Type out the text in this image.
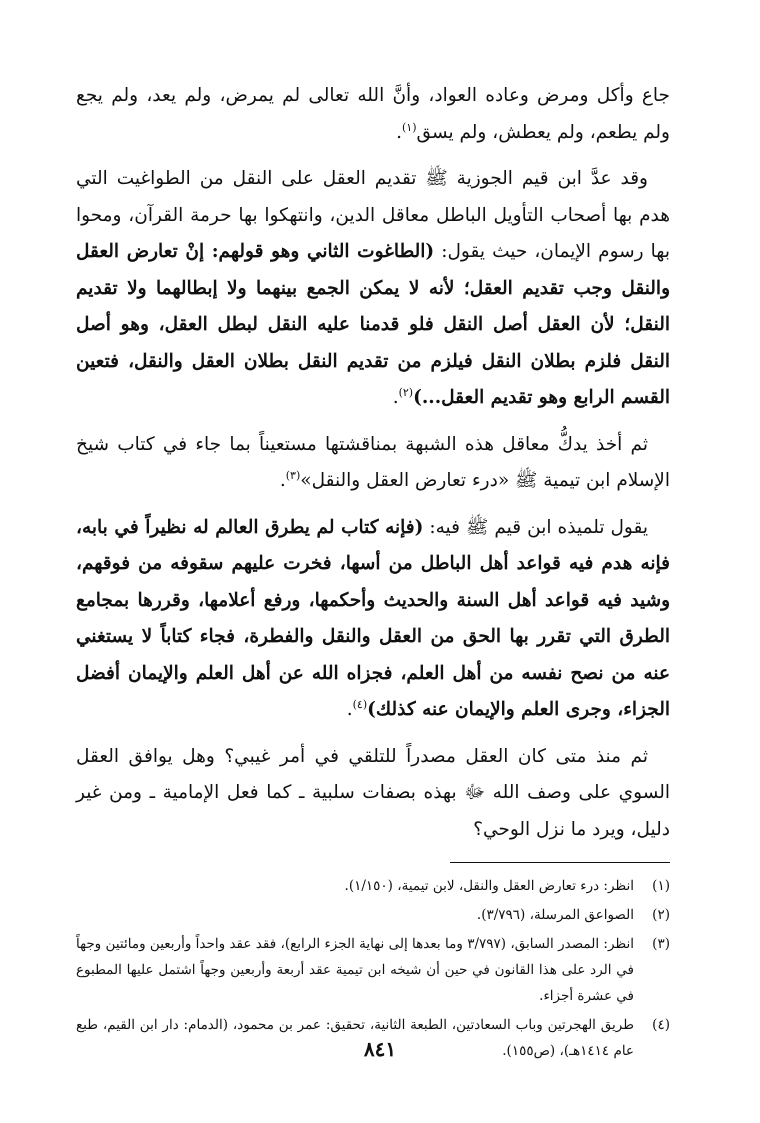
جاع وأكل ومرض وعاده العواد، وأنَّ الله تعالى لم يمرض، ولم يعد، ولم يجع ولم يطعم، ولم يعطش، ولم يسق$^{(١)}$.

وقد عدَّ ابن قيم الجوزية ﷺ تقديم العقل على النقل من الطواغيت التي هدم بها أصحاب التأويل الباطل معاقل الدين، وانتهكوا بها حرمة القرآن، ومحوا بها رسوم الإيمان، حيث يقول: (الطاغوت الثاني وهو قولهم: إنْ تعارض العقل والنقل وجب تقديم العقل؛ لأنه لا يمكن الجمع بينهما ولا إبطالهما ولا تقديم النقل؛ لأن العقل أصل النقل فلو قدمنا عليه النقل لبطل العقل، وهو أصل النقل فلزم بطلان النقل فيلزم من تقديم النقل بطلان العقل والنقل، فتعين القسم الرابع وهو تقديم العقل...)$^{(٢)}$.

ثم أخذ يدكُّ معاقل هذه الشبهة بمناقشتها مستعيناً بما جاء في كتاب شيخ الإسلام ابن تيمية ﷺ «درء تعارض العقل والنقل»$^{(٣)}$.

يقول تلميذه ابن قيم ﷺ فيه: (فإنه كتاب لم يطرق العالم له نظيراً في بابه، فإنه هدم فيه قواعد أهل الباطل من أسها، فخرت عليهم سقوفه من فوقهم، وشيد فيه قواعد أهل السنة والحديث وأحكمها، ورفع أعلامها، وقررها بمجامع الطرق التي تقرر بها الحق من العقل والنقل والفطرة، فجاء كتاباً لا يستغني عنه من نصح نفسه من أهل العلم، فجزاه الله عن أهل العلم والإيمان أفضل الجزاء، وجرى العلم والإيمان عنه كذلك)$^{(٤)}$.

ثم منذ متى كان العقل مصدراً للتلقي في أمر غيبي؟ وهل يوافق العقل السوي على وصف الله ﷻ بهذه بصفات سلبية ـ كما فعل الإمامية ـ ومن غير دليل، ويرد ما نزل الوحي؟

(١)
انظر: درء تعارض العقل والنقل، لابن تيمية، (١/١٥٠).
(٢)
الصواعق المرسلة، (٣/٧٩٦).
(٣)
انظر: المصدر السابق، (٣/٧٩٧ وما بعدها إلى نهاية الجزء الرابع)، فقد عقد واحداً وأربعين ومائتين وجهاً في الرد على هذا القانون في حين أن شيخه ابن تيمية عقد أربعة وأربعين وجهاً اشتمل عليها المطبوع في عشرة أجزاء.
(٤)
طريق الهجرتين وباب السعادتين، الطبعة الثانية، تحقيق: عمر بن محمود، (الدمام: دار ابن القيم، طبع عام ١٤١٤هـ)، (ص١٥٥).
٨٤١
